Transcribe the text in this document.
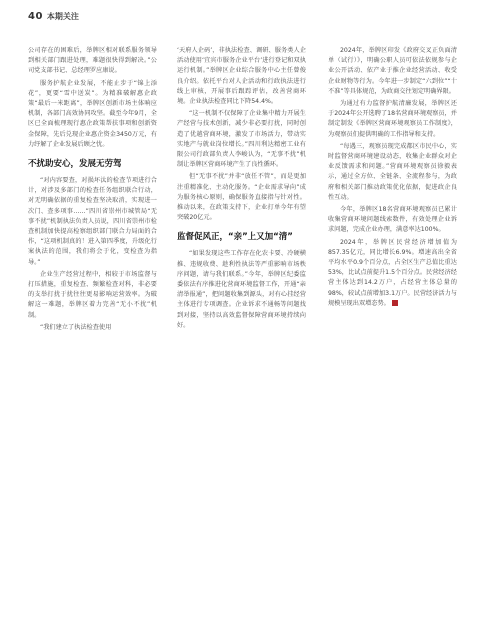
40 本期关注

公司存在的困难后，举牌区相对联系服务领导到相关部门跟进处理，难题很快得到解决。”公司党支部书记、总经理罗应康说。

服务护航企业发展，不能止步于“锦上添花”，更要“雪中送炭”。为精准破解惠企政策“最后一米距离”，举牌区创新市场主体响应机制，各部门高效协同攻坚。截至今年9月，全区已全面梳理现行惠企政策帮扶事项和创新资金保障，先后兑现企业惠企资金3450万元，有力纾解了企业发展后顾之忧。

不扰助安心，发展无劳驾

“对内容要查，对损坏汰的检查节项进行合计，对涉及多部门的检查任务组织联合行动，对无明确依据的重复检查坚决取消，实现进一次门、查多项事……”四川省崇州市城管局“无事不扰”机制执法负责人员说，四川省崇州市检查机制加快提高检察组织部门联合力局面的合作，“这项机制真的！进入第四季度，升级化行案执法的范围，我们将会于化，变检查为指导。”

企业生产经营过程中，相较于市场监督与打压措施，重复检查、频繁检查对科，非必要的支举打扰于扰往往更易影响运营效率。为破解这一难题，举牌区着力完善“无小不扰”机制。

“我们建立了执法检查使用

‘天府人企码’，非执法检查、调研、服务类人企活动使用‘宜宾市服务企业平台’进行登记和双执运行机制。”举牌区企业综合服务中心主任曾俊良介绍。依托平台对人企活动和行政执法进行线上审核，开展事后跟踪评估，改善营商环境。企业执法检查同比下降54.4%。

“这一机制不仅保障了企业集中精力开展生产经营与技术创新，减少非必要打扰，同时创造了优越营商环境，激发了市场活力，带动实实地产与就业岗位增长。”四川利达精密工业有限公司行政部负责人李峻认为，“无事不扰”机制让举牌区营商环境产生了良性循环。

但“无事不扰”并非“放任不管”，而是更加注重精准化、主动化服务。“企业需求导向”成为服务核心原则，确保服务直接指与针对性。推动以来，在政策支持下，企业打单今年有望突破20亿元。

监督促风正，“亲”上又加“清”

“如果发现这些工作存在化农卡要、冷硬横推、违规收费、趁利性执法等严重影响市场秩序问题，请与我们联系。”今年，举牌区纪委监委依法有序推进化营商环境监督工作，开通“亲清举报通”，把问题收集到源头，对有心挂经营主体进行专项调查。企业诉求不通畅等问题找到对接，坚持以高效监督保障营商环境持续向好。

2024年，举牌区印发《政府交叉正负面清单（试行）》，明确公职人员可依法依规参与企业公开活动、依产业于推企业经营活动、收受企业财物等行为。今年进一步制定“六到位”“十不准”等具体规范，为政商交往划定明确界限。

为通过有力监督护航清廉发展，举牌区还于2024年公开选聘了18名营商环境观察员，并制定制发《举牌区营商环境观察员工作制度》，为观察员们提供明确的工作指导和支持。

“每遇三，观察员现完成都区市民中心，实时监督营商环境建设动态，收集企业群众对企业反馈需求和问题。”营商环境观察员徐毅表示，通过全方位、全链条、全流程参与，为政府和相关部门推动政策优化依据，促进政企良性互动。

今年，举牌区18名营商环境观察员已累计收集营商环境问题线索数件，有效处理企业诉求问题，完成企业办理，满意率达100%。

2024年，举牌区民营经济增加值为857.35亿元，同比增长6.9%。增速高出全省平均水平0.9个百分点，占全区生产总值比重达53%，比试点前提升1.5个百分点。民营经济经营主体达到14.2万户，占经营主体总量的98%，较试点前增加3.1万户。民营经济活力与规模呈现出双增态势。
